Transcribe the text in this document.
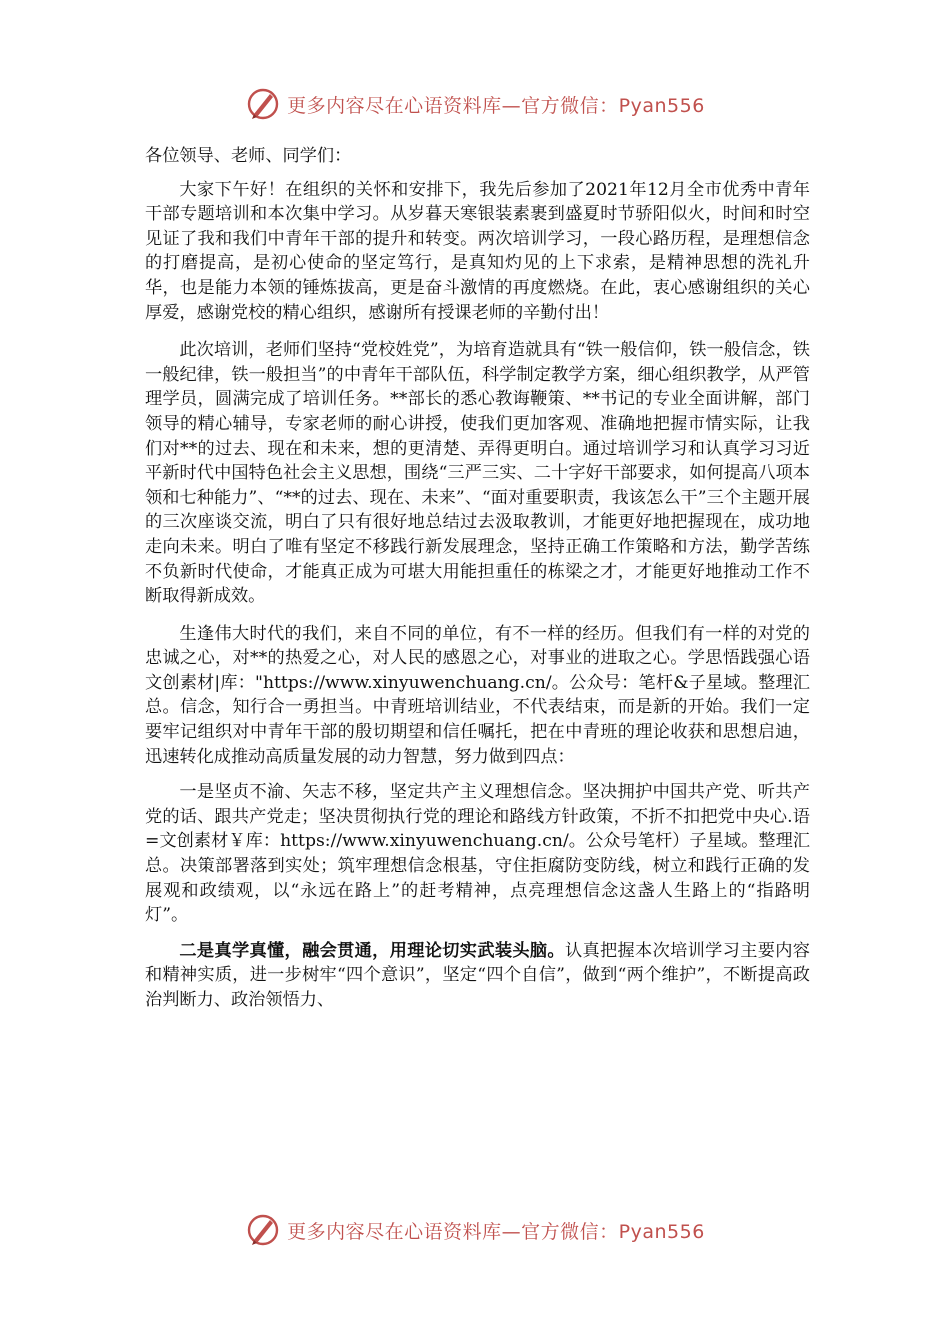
更多内容尽在心语资料库—官方微信：Pyan556

各位领导、老师、同学们：

大家下午好！在组织的关怀和安排下，我先后参加了2021年12月全市优秀中青年干部专题培训和本次集中学习。从岁暮天寒银装素裹到盛夏时节骄阳似火，时间和时空见证了我和我们中青年干部的提升和转变。两次培训学习，一段心路历程，是理想信念的打磨提高，是初心使命的坚定笃行，是真知灼见的上下求索，是精神思想的洗礼升华，也是能力本领的锤炼拔高，更是奋斗激情的再度燃烧。在此，衷心感谢组织的关心厚爱，感谢党校的精心组织，感谢所有授课老师的辛勤付出！

此次培训，老师们坚持“党校姓党”，为培育造就具有“铁一般信仰，铁一般信念，铁一般纪律，铁一般担当”的中青年干部队伍，科学制定教学方案，细心组织教学，从严管理学员，圆满完成了培训任务。**部长的悉心教诲鞭策、**书记的专业全面讲解，部门领导的精心辅导，专家老师的耐心讲授，使我们更加客观、准确地把握市情实际，让我们对**的过去、现在和未来，想的更清楚、弄得更明白。通过培训学习和认真学习习近平新时代中国特色社会主义思想，围绕“三严三实、二十字好干部要求，如何提高八项本领和七种能力”、“**的过去、现在、未来”、“面对重要职责，我该怎么干”三个主题开展的三次座谈交流，明白了只有很好地总结过去汲取教训，才能更好地把握现在，成功地走向未来。明白了唯有坚定不移践行新发展理念，坚持正确工作策略和方法，勤学苦练不负新时代使命，才能真正成为可堪大用能担重任的栋梁之才，才能更好地推动工作不断取得新成效。

生逢伟大时代的我们，来自不同的单位，有不一样的经历。但我们有一样的对党的忠诚之心，对**的热爱之心，对人民的感恩之心，对事业的进取之心。学思悟践强心语文创素材|库："https://www.xinyuwenchuang.cn/。公众号：笔杆&子星域。整理汇总。信念，知行合一勇担当。中青班培训结业，不代表结束，而是新的开始。我们一定要牢记组织对中青年干部的殷切期望和信任嘱托，把在中青班的理论收获和思想启迪，迅速转化成推动高质量发展的动力智慧，努力做到四点：

一是坚贞不渝、矢志不移，坚定共产主义理想信念。坚决拥护中国共产党、听共产党的话、跟共产党走；坚决贯彻执行党的理论和路线方针政策，不折不扣把党中央心.语=文创素材￥库：https://www.xinyuwenchuang.cn/。公众号笔杆）子星域。整理汇总。决策部署落到实处；筑牢理想信念根基，守住拒腐防变防线，树立和践行正确的发展观和政绩观，以“永远在路上”的赶考精神，点亮理想信念这盏人生路上的“指路明灯”。

二是真学真懂，融会贯通，用理论切实武装头脑。认真把握本次培训学习主要内容和精神实质，进一步树牢“四个意识”，坚定“四个自信”，做到“两个维护”，不断提高政治判断力、政治领悟力、

更多内容尽在心语资料库—官方微信：Pyan556
